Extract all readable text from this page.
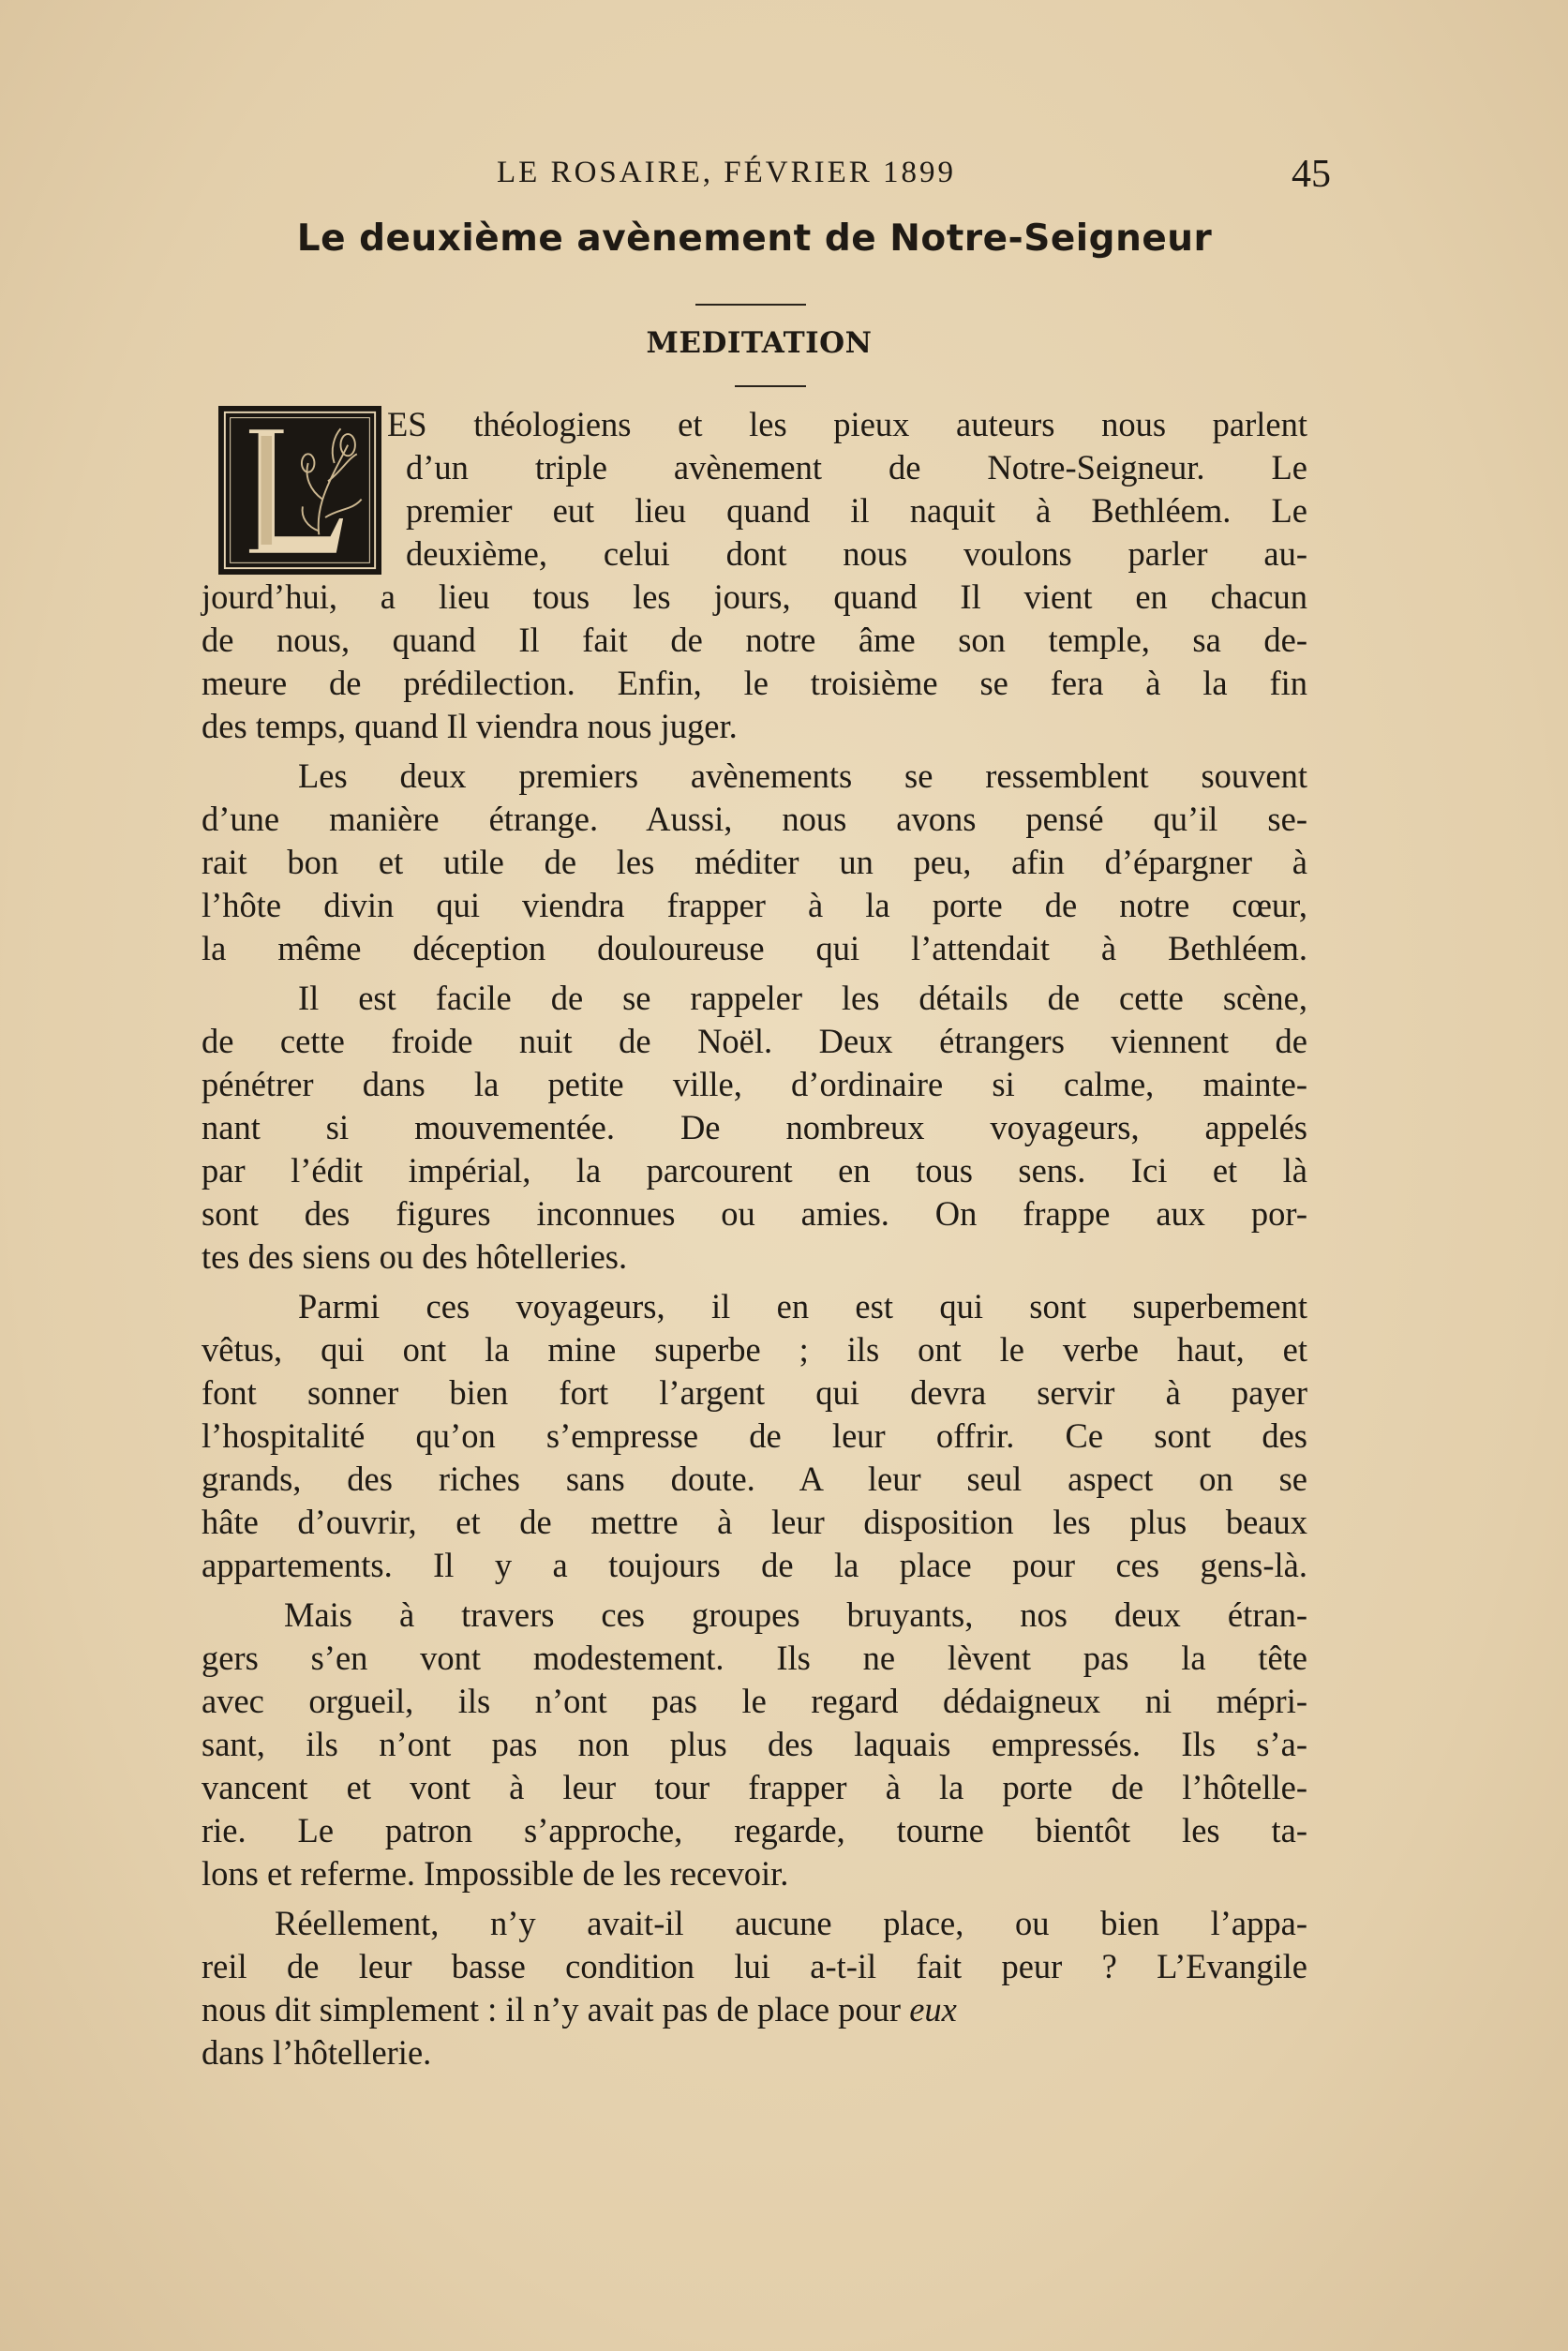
LE ROSAIRE, FÉVRIER 1899	45
Le deuxième avènement de Notre-Seigneur
MEDITATION
ES théologiens et les pieux auteurs nous parlent
d’un triple avènement de Notre-Seigneur. Le
premier eut lieu quand il naquit à Bethléem. Le
deuxième, celui dont nous voulons parler au-
jourd’hui, a lieu tous les jours, quand Il vient en chacun
de nous, quand Il fait de notre âme son temple, sa de-
meure de prédilection. Enfin, le troisième se fera à la fin
des temps, quand Il viendra nous juger.
Les deux premiers avènements se ressemblent souvent
d’une manière étrange. Aussi, nous avons pensé qu’il se-
rait bon et utile de les méditer un peu, afin d’épargner à
l’hôte divin qui viendra frapper à la porte de notre cœur,
la même déception douloureuse qui l’attendait à Bethléem.
Il est facile de se rappeler les détails de cette scène,
de cette froide nuit de Noël. Deux étrangers viennent de
pénétrer dans la petite ville, d’ordinaire si calme, mainte-
nant si mouvementée. De nombreux voyageurs, appelés
par l’édit impérial, la parcourent en tous sens. Ici et là
sont des figures inconnues ou amies. On frappe aux por-
tes des siens ou des hôtelleries.
Parmi ces voyageurs, il en est qui sont superbement
vêtus, qui ont la mine superbe ; ils ont le verbe haut, et
font sonner bien fort l’argent qui devra servir à payer
l’hospitalité qu’on s’empresse de leur offrir. Ce sont des
grands, des riches sans doute. A leur seul aspect on se
hâte d’ouvrir, et de mettre à leur disposition les plus beaux
appartements. Il y a toujours de la place pour ces gens-là.
Mais à travers ces groupes bruyants, nos deux étran-
gers s’en vont modestement. Ils ne lèvent pas la tête
avec orgueil, ils n’ont pas le regard dédaigneux ni mépri-
sant, ils n’ont pas non plus des laquais empressés. Ils s’a-
vancent et vont à leur tour frapper à la porte de l’hôtelle-
rie. Le patron s’approche, regarde, tourne bientôt les ta-
lons et referme. Impossible de les recevoir.
Réellement, n’y avait-il aucune place, ou bien l’appa-
reil de leur basse condition lui a-t-il fait peur ? L’Evangile
nous dit simplement : il n’y avait pas de place pour eux
dans l’hôtellerie.
